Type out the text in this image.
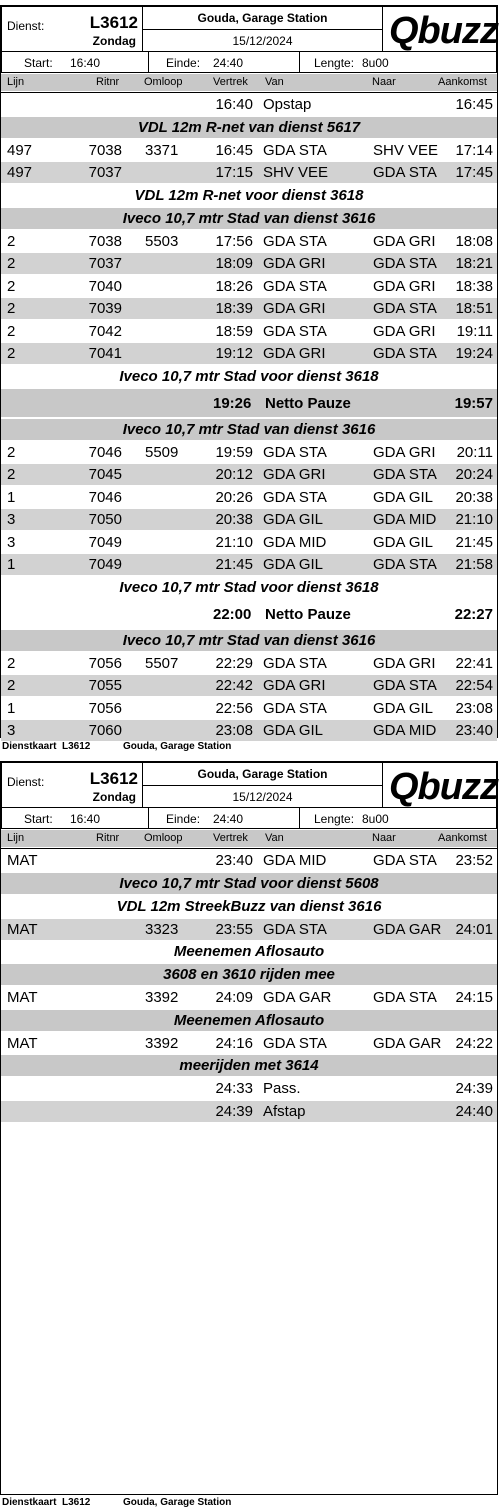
Dienst:	L3612
Zondag
Gouda, Garage Station
15/12/2024	Qbuzz
Start: 16:40	Einde: 24:40	Lengte: 8u00
Lijn	Ritnr Omloop	Vertrek Van	Naar	Aankomst
16:40 Opstap	16:45
VDL 12m R-net van dienst 5617
497	7038 3371 16:45 GDA STA	SHV VEE 17:14
497	7037	17:15 SHV VEE	GDA STA 17:45
VDL 12m R-net voor dienst 3618
Iveco 10,7 mtr Stad van dienst 3616
2	7038 5503 17:56 GDA STA	GDA GRI 18:08
2	7037	18:09 GDA GRI	GDA STA 18:21
2	7040	18:26 GDA STA	GDA GRI 18:38
2	7039	18:39 GDA GRI	GDA STA 18:51
2	7042	18:59 GDA STA	GDA GRI 19:11
2	7041	19:12 GDA GRI	GDA STA 19:24
Iveco 10,7 mtr Stad voor dienst 3618
19:26 Netto Pauze	19:57
Iveco 10,7 mtr Stad van dienst 3616
2	7046 5509 19:59 GDA STA	GDA GRI 20:11
2	7045	20:12 GDA GRI	GDA STA 20:24
1	7046	20:26 GDA STA	GDA GIL 20:38
3	7050	20:38 GDA GIL	GDA MID 21:10
3	7049	21:10 GDA MID	GDA GIL 21:45
1	7049	21:45 GDA GIL	GDA STA 21:58
Iveco 10,7 mtr Stad voor dienst 3618
22:00 Netto Pauze	22:27
Iveco 10,7 mtr Stad van dienst 3616
2	7056 5507 22:29 GDA STA	GDA GRI 22:41
2	7055	22:42 GDA GRI	GDA STA 22:54
1	7056	22:56 GDA STA	GDA GIL 23:08
3	7060	23:08 GDA GIL	GDA MID 23:40
Dienstkaart L3612	Gouda, Garage Station
Dienst:	L3612
Zondag
Gouda, Garage Station
15/12/2024	Qbuzz
Start: 16:40	Einde: 24:40	Lengte: 8u00
Lijn	Ritnr Omloop	Vertrek Van	Naar	Aankomst
MAT	23:40 GDA MID	GDA STA 23:52
Iveco 10,7 mtr Stad voor dienst 5608
VDL 12m StreekBuzz van dienst 3616
MAT	3323 23:55 GDA STA	GDA GAR 24:01
Meenemen Aflosauto
3608 en 3610 rijden mee
MAT	3392 24:09 GDA GAR	GDA STA 24:15
Meenemen Aflosauto
MAT	3392 24:16 GDA STA	GDA GAR 24:22
meerijden met 3614
24:33 Pass.	24:39
24:39 Afstap	24:40
Dienstkaart L3612	Gouda, Garage Station
